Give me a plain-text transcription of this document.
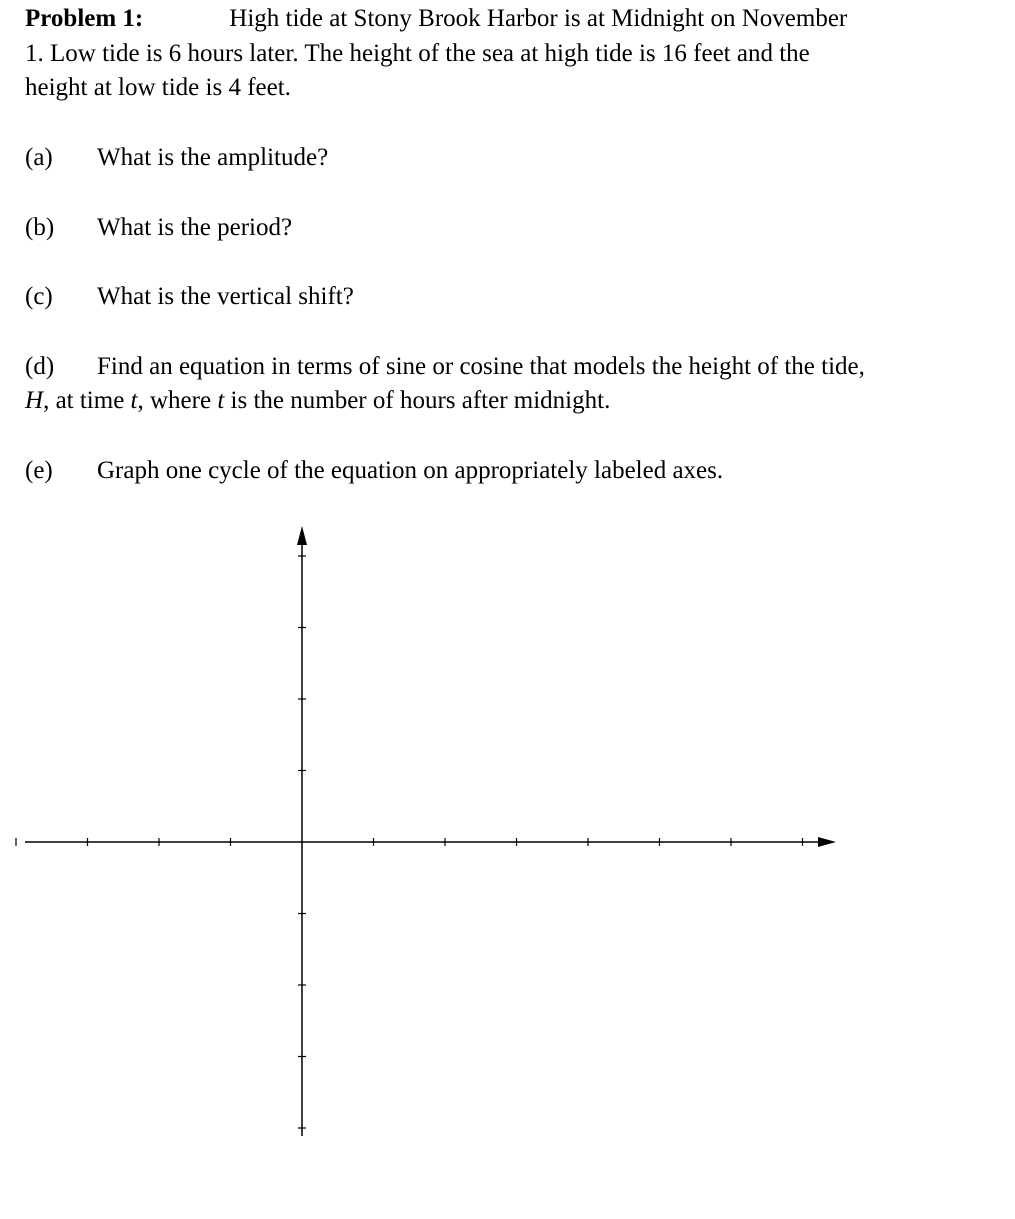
Problem 1:	High tide at Stony Brook Harbor is at Midnight on November
1. Low tide is 6 hours later. The height of the sea at high tide is 16 feet and the
height at low tide is 4 feet.
(a) What is the amplitude?
(b) What is the period?
(c) What is the vertical shift?
(d) Find an equation in terms of sine or cosine that models the height of the tide,
H, at time t, where t is the number of hours after midnight.
(e) Graph one cycle of the equation on appropriately labeled axes.
